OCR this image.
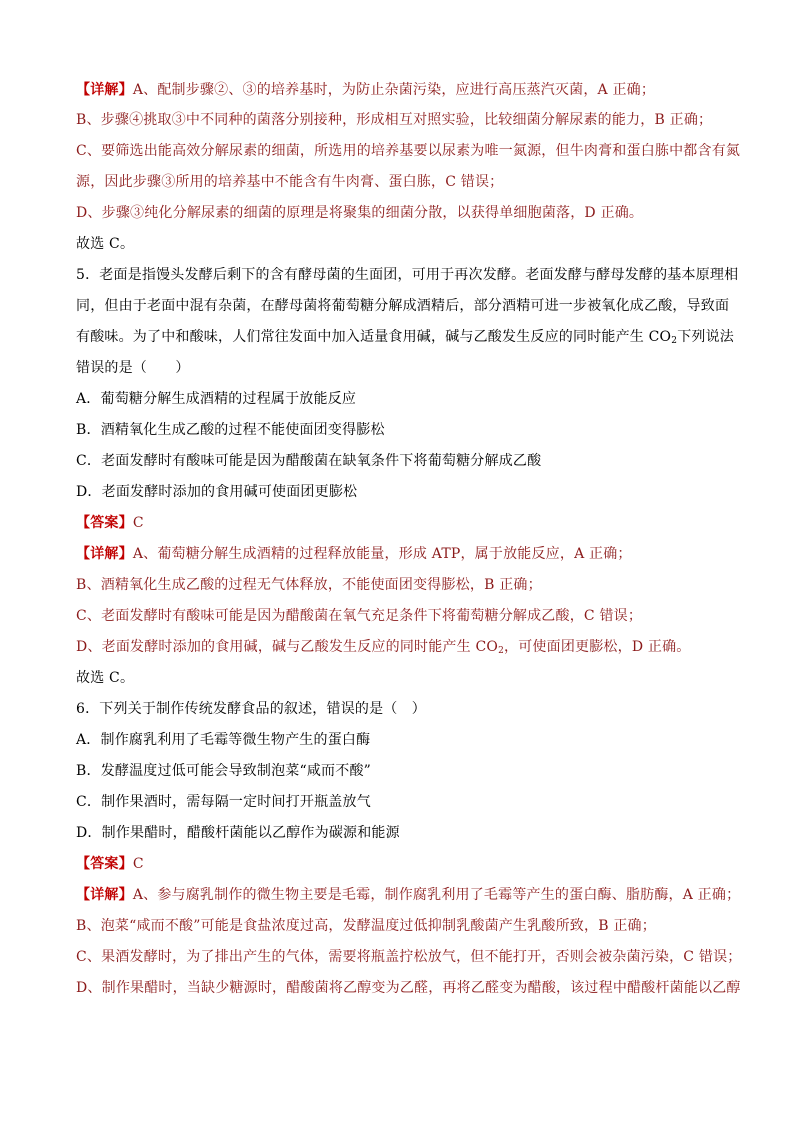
【详解】A、配制步骤②、③的培养基时，为防止杂菌污染，应进行高压蒸汽灭菌，A 正确；
B、步骤④挑取③中不同种的菌落分别接种，形成相互对照实验，比较细菌分解尿素的能力，B 正确；
C、要筛选出能高效分解尿素的细菌，所选用的培养基要以尿素为唯一氮源，但牛肉膏和蛋白胨中都含有氮
源，因此步骤③所用的培养基中不能含有牛肉膏、蛋白胨，C 错误；
D、步骤③纯化分解尿素的细菌的原理是将聚集的细菌分散，以获得单细胞菌落，D 正确。
故选 C。
5．老面是指馒头发酵后剩下的含有酵母菌的生面团，可用于再次发酵。老面发酵与酵母发酵的基本原理相
同，但由于老面中混有杂菌，在酵母菌将葡萄糖分解成酒精后，部分酒精可进一步被氧化成乙酸，导致面
有酸味。为了中和酸味，人们常往发面中加入适量食用碱，碱与乙酸发生反应的同时能产生 $CO_2$下列说法
错误的是（　　）
A．葡萄糖分解生成酒精的过程属于放能反应
B．酒精氧化生成乙酸的过程不能使面团变得膨松
C．老面发酵时有酸味可能是因为醋酸菌在缺氧条件下将葡萄糖分解成乙酸
D．老面发酵时添加的食用碱可使面团更膨松
【答案】C
【详解】A、葡萄糖分解生成酒精的过程释放能量，形成 ATP，属于放能反应，A 正确；
B、酒精氧化生成乙酸的过程无气体释放，不能使面团变得膨松，B 正确；
C、老面发酵时有酸味可能是因为醋酸菌在氧气充足条件下将葡萄糖分解成乙酸，C 错误；
D、老面发酵时添加的食用碱，碱与乙酸发生反应的同时能产生 $CO_2$，可使面团更膨松，D 正确。
故选 C。
6．下列关于制作传统发酵食品的叙述，错误的是（　）
A．制作腐乳利用了毛霉等微生物产生的蛋白酶
B．发酵温度过低可能会导致制泡菜“咸而不酸”
C．制作果酒时，需每隔一定时间打开瓶盖放气
D．制作果醋时，醋酸杆菌能以乙醇作为碳源和能源
【答案】C
【详解】A、参与腐乳制作的微生物主要是毛霉，制作腐乳利用了毛霉等产生的蛋白酶、脂肪酶，A 正确；
B、泡菜“咸而不酸”可能是食盐浓度过高，发酵温度过低抑制乳酸菌产生乳酸所致，B 正确；
C、果酒发酵时，为了排出产生的气体，需要将瓶盖拧松放气，但不能打开，否则会被杂菌污染，C 错误；
D、制作果醋时，当缺少糖源时，醋酸菌将乙醇变为乙醛，再将乙醛变为醋酸，该过程中醋酸杆菌能以乙醇
